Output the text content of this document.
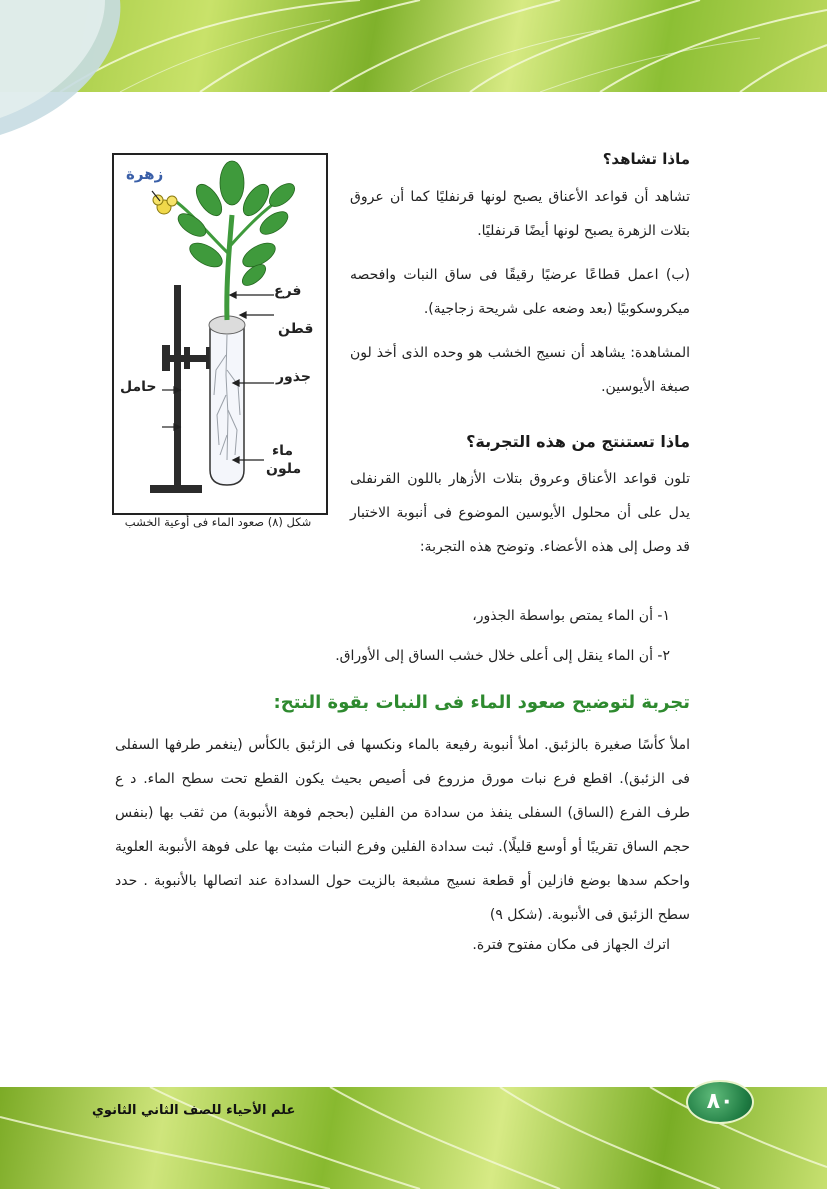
زهرة
فرع
قطن
جذور
حامل
ماء
ملون
شكل (٨) صعود الماء فى أوعية الخشب
ماذا تشاهد؟
تشاهد أن قواعد الأعناق يصبح لونها قرنفليًا كما أن عروق بتلات الزهرة يصبح لونها أيضًا قرنفليًا.
(ب) اعمل قطاعًا عرضيًا رقيقًا فى ساق النبات وافحصه ميكروسكوبيًا (بعد وضعه على شريحة زجاجية).
المشاهدة: يشاهد أن نسيج الخشب هو وحده الذى أخذ لون صبغة الأيوسين.
ماذا تستنتج من هذه التجربة؟
تلون قواعد الأعناق وعروق بتلات الأزهار باللون القرنفلى يدل على أن محلول الأيوسين الموضوع فى أنبوبة الاختبار قد وصل إلى هذه الأعضاء. وتوضح هذه التجربة:
١- أن الماء يمتص بواسطة الجذور،
٢- أن الماء ينقل إلى أعلى خلال خشب الساق إلى الأوراق.
تجربة لتوضيح صعود الماء فى النبات بقوة النتح:
املأ كأسًا صغيرة بالزئبق. املأ أنبوبة رفيعة بالماء ونكسها فى الزئبق بالكأس (ينغمر طرفها السفلى فى الزئبق). اقطع فرع نبات مورق مزروع فى أصيص بحيث يكون القطع تحت سطح الماء. د ع طرف الفرع (الساق) السفلى ينفذ من سدادة من الفلين (بحجم فوهة الأنبوبة) من ثقب بها (بنفس حجم الساق تقريبًا أو أوسع قليلًا). ثبت سدادة الفلين وفرع النبات مثبت بها على فوهة الأنبوبة العلوية واحكم سدها بوضع فازلين أو قطعة نسيج مشبعة بالزيت حول السدادة عند اتصالها بالأنبوبة . حدد سطح الزئبق فى الأنبوبة. (شكل ٩)
اترك الجهاز فى مكان مفتوح فترة.
علم الأحياء للصف الثاني الثانوي	٨٠
